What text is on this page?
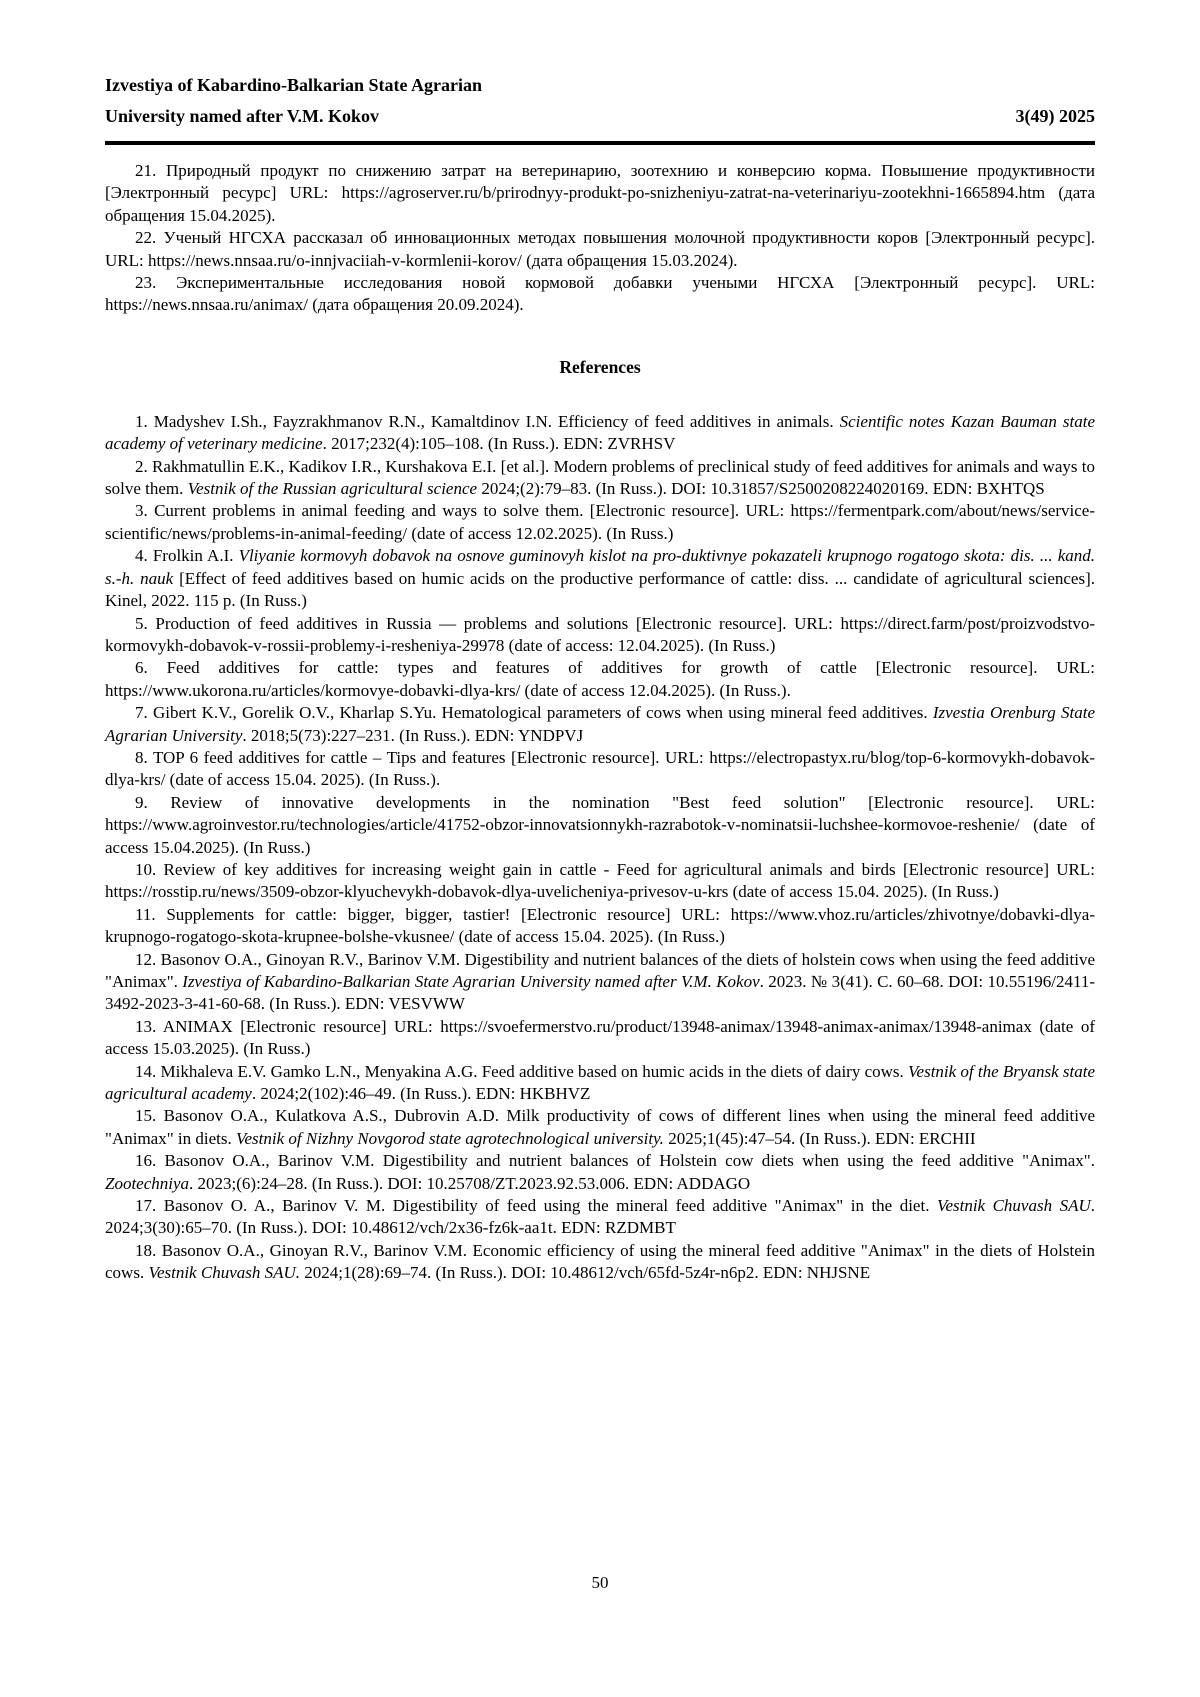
Izvestiya of Kabardino-Balkarian State Agrarian
University named after V.M. Kokov	3(49) 2025

21. Природный продукт по снижению затрат на ветеринарию, зоотехнию и конверсию корма. Повышение продуктивности [Электронный ресурс] URL: https://agroserver.ru/b/prirodnyy-produkt-po-snizheniyu-zatrat-na-veterinariyu-zootekhni-1665894.htm (дата обращения 15.04.2025).

22. Ученый НГСХА рассказал об инновационных методах повышения молочной продуктивности коров [Электронный ресурс]. URL: https://news.nnsaa.ru/o-innjvaciiah-v-kormlenii-korov/ (дата обращения 15.03.2024).

23. Экспериментальные исследования новой кормовой добавки учеными НГСХА [Электронный ресурс]. URL: https://news.nnsaa.ru/animax/ (дата обращения 20.09.2024).

References

1. Madyshev I.Sh., Fayzrakhmanov R.N., Kamaltdinov I.N. Efficiency of feed additives in animals. Scientific notes Kazan Bauman state academy of veterinary medicine. 2017;232(4):105–108. (In Russ.). EDN: ZVRHSV

2. Rakhmatullin E.K., Kadikov I.R., Kurshakova E.I. [et al.]. Modern problems of preclinical study of feed additives for animals and ways to solve them. Vestnik of the Russian agricultural science 2024;(2):79–83. (In Russ.). DOI: 10.31857/S2500208224020169. EDN: BXHTQS

3. Current problems in animal feeding and ways to solve them. [Electronic resource]. URL: https://fermentpark.com/about/news/service-scientific/news/problems-in-animal-feeding/ (date of access 12.02.2025). (In Russ.)

4. Frolkin A.I. Vliyanie kormovyh dobavok na osnove guminovyh kislot na pro-duktivnye pokazateli krupnogo rogatogo skota: dis. ... kand. s.-h. nauk [Effect of feed additives based on humic acids on the productive performance of cattle: diss. ... candidate of agricultural sciences]. Kinel, 2022. 115 p. (In Russ.)

5. Production of feed additives in Russia — problems and solutions [Electronic resource]. URL: https://direct.farm/post/proizvodstvo-kormovykh-dobavok-v-rossii-problemy-i-resheniya-29978 (date of access: 12.04.2025). (In Russ.)

6. Feed additives for cattle: types and features of additives for growth of cattle [Electronic resource]. URL: https://www.ukorona.ru/articles/kormovye-dobavki-dlya-krs/ (date of access 12.04.2025). (In Russ.).

7. Gibert K.V., Gorelik O.V., Kharlap S.Yu. Hematological parameters of cows when using mineral feed additives. Izvestia Orenburg State Agrarian University. 2018;5(73):227–231. (In Russ.). EDN: YNDPVJ

8. TOP 6 feed additives for cattle – Tips and features [Electronic resource]. URL: https://electropastyx.ru/blog/top-6-kormovykh-dobavok-dlya-krs/ (date of access 15.04. 2025). (In Russ.).

9. Review of innovative developments in the nomination "Best feed solution" [Electronic resource]. URL: https://www.agroinvestor.ru/technologies/article/41752-obzor-innovatsionnykh-razrabotok-v-nominatsii-luchshee-kormovoe-reshenie/ (date of access 15.04.2025). (In Russ.)

10. Review of key additives for increasing weight gain in cattle - Feed for agricultural animals and birds [Electronic resource] URL: https://rosstip.ru/news/3509-obzor-klyuchevykh-dobavok-dlya-uvelicheniya-privesov-u-krs (date of access 15.04. 2025). (In Russ.)

11. Supplements for cattle: bigger, bigger, tastier! [Electronic resource] URL: https://www.vhoz.ru/articles/zhivotnye/dobavki-dlya-krupnogo-rogatogo-skota-krupnee-bolshe-vkusnee/ (date of access 15.04. 2025). (In Russ.)

12. Basonov O.A., Ginoyan R.V., Barinov V.M. Digestibility and nutrient balances of the diets of holstein cows when using the feed additive "Animax". Izvestiya of Kabardino-Balkarian State Agrarian University named after V.M. Kokov. 2023. № 3(41). С. 60–68. DOI: 10.55196/2411-3492-2023-3-41-60-68. (In Russ.). EDN: VESVWW

13. ANIMAX [Electronic resource] URL: https://svoefermerstvo.ru/product/13948-animax/13948-animax-animax/13948-animax (date of access 15.03.2025). (In Russ.)

14. Mikhaleva E.V. Gamko L.N., Menyakina A.G. Feed additive based on humic acids in the diets of dairy cows. Vestnik of the Bryansk state agricultural academy. 2024;2(102):46–49. (In Russ.). EDN: HKBHVZ

15. Basonov O.A., Kulatkova A.S., Dubrovin A.D. Milk productivity of cows of different lines when using the mineral feed additive "Animax" in diets. Vestnik of Nizhny Novgorod state agrotechnological university. 2025;1(45):47–54. (In Russ.). EDN: ERCHII

16. Basonov O.A., Barinov V.M. Digestibility and nutrient balances of Holstein cow diets when using the feed additive "Animax". Zootechniya. 2023;(6):24–28. (In Russ.). DOI: 10.25708/ZT.2023.92.53.006. EDN: ADDAGO

17. Basonov O. A., Barinov V. M. Digestibility of feed using the mineral feed additive "Animax" in the diet. Vestnik Chuvash SAU. 2024;3(30):65–70. (In Russ.). DOI: 10.48612/vch/2x36-fz6k-aa1t. EDN: RZDMBT

18. Basonov O.A., Ginoyan R.V., Barinov V.M. Economic efficiency of using the mineral feed additive "Animax" in the diets of Holstein cows. Vestnik Chuvash SAU. 2024;1(28):69–74. (In Russ.). DOI: 10.48612/vch/65fd-5z4r-n6p2. EDN: NHJSNE

50
